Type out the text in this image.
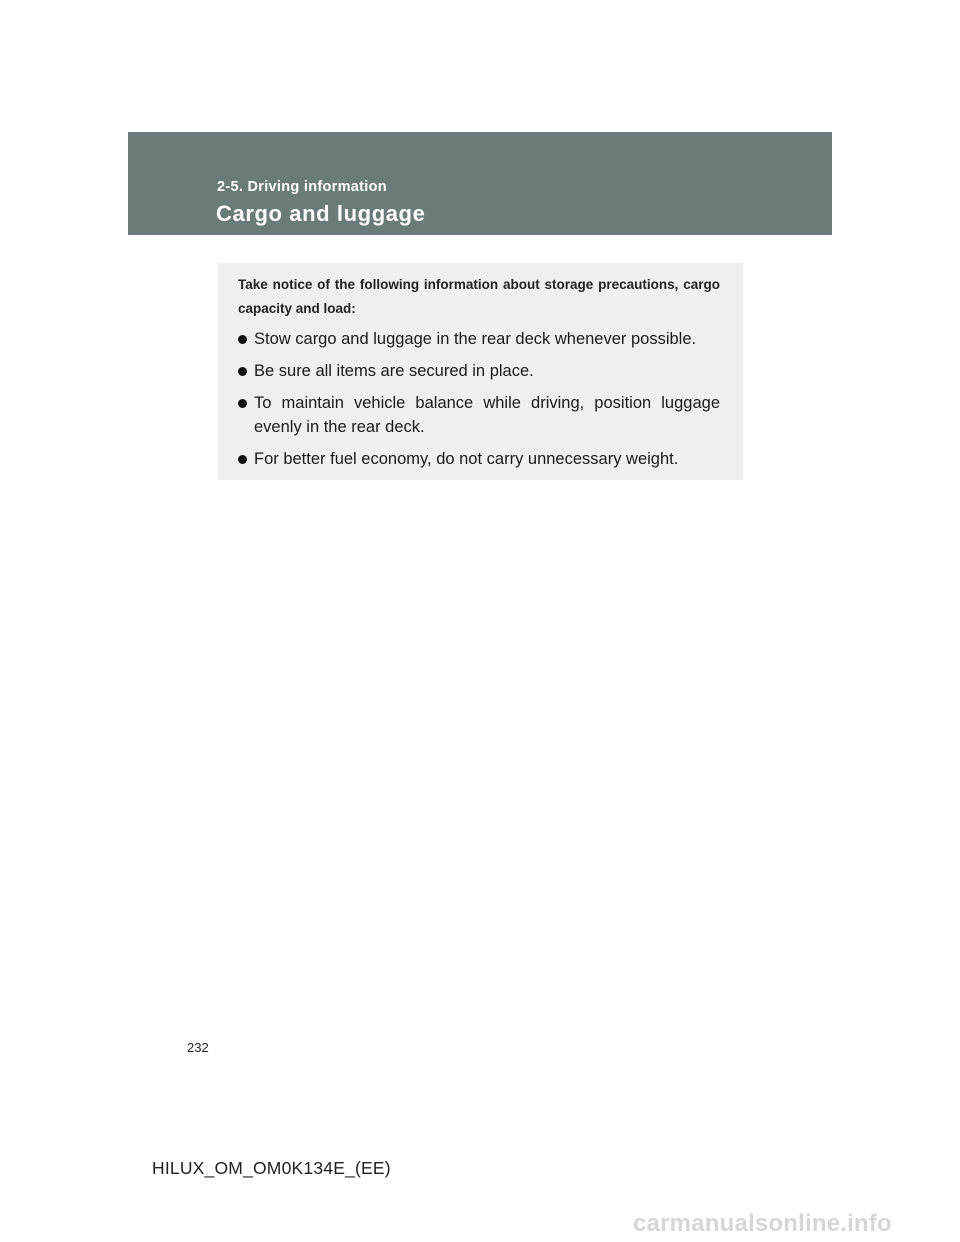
2-5. Driving information
Cargo and luggage

Take notice of the following information about storage precautions, cargo capacity and load:

Stow cargo and luggage in the rear deck whenever possible.
Be sure all items are secured in place.
To maintain vehicle balance while driving, position luggage evenly in the rear deck.
For better fuel economy, do not carry unnecessary weight.
232
HILUX_OM_OM0K134E_(EE)
carmanualsonline.info
